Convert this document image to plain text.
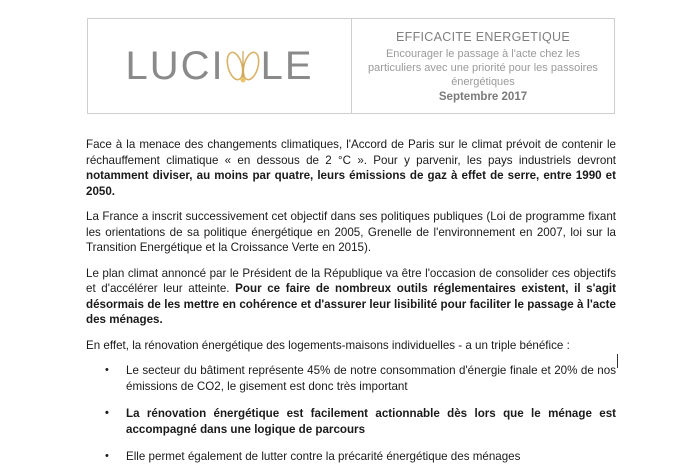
LUCI LE
EFFICACITE ENERGETIQUE
Encourager le passage à l'acte chez les particuliers avec une priorité pour les passoires énergétiques
Septembre 2017

Face à la menace des changements climatiques, l'Accord de Paris sur le climat prévoit de contenir le réchauffement climatique « en dessous de 2 °C ». Pour y parvenir, les pays industriels devront notamment diviser, au moins par quatre, leurs émissions de gaz à effet de serre, entre 1990 et 2050.

La France a inscrit successivement cet objectif dans ses politiques publiques (Loi de programme fixant les orientations de sa politique énergétique en 2005, Grenelle de l'environnement en 2007, loi sur la Transition Energétique et la Croissance Verte en 2015).

Le plan climat annoncé par le Président de la République va être l'occasion de consolider ces objectifs et d'accélérer leur atteinte. Pour ce faire de nombreux outils réglementaires existent, il s'agit désormais de les mettre en cohérence et d'assurer leur lisibilité pour faciliter le passage à l'acte des ménages.

En effet, la rénovation énergétique des logements-maisons individuelles - a un triple bénéfice :

• Le secteur du bâtiment représente 45% de notre consommation d'énergie finale et 20% de nos émissions de CO2, le gisement est donc très important
• La rénovation énergétique est facilement actionnable dès lors que le ménage est accompagné dans une logique de parcours
• Elle permet également de lutter contre la précarité énergétique des ménages
